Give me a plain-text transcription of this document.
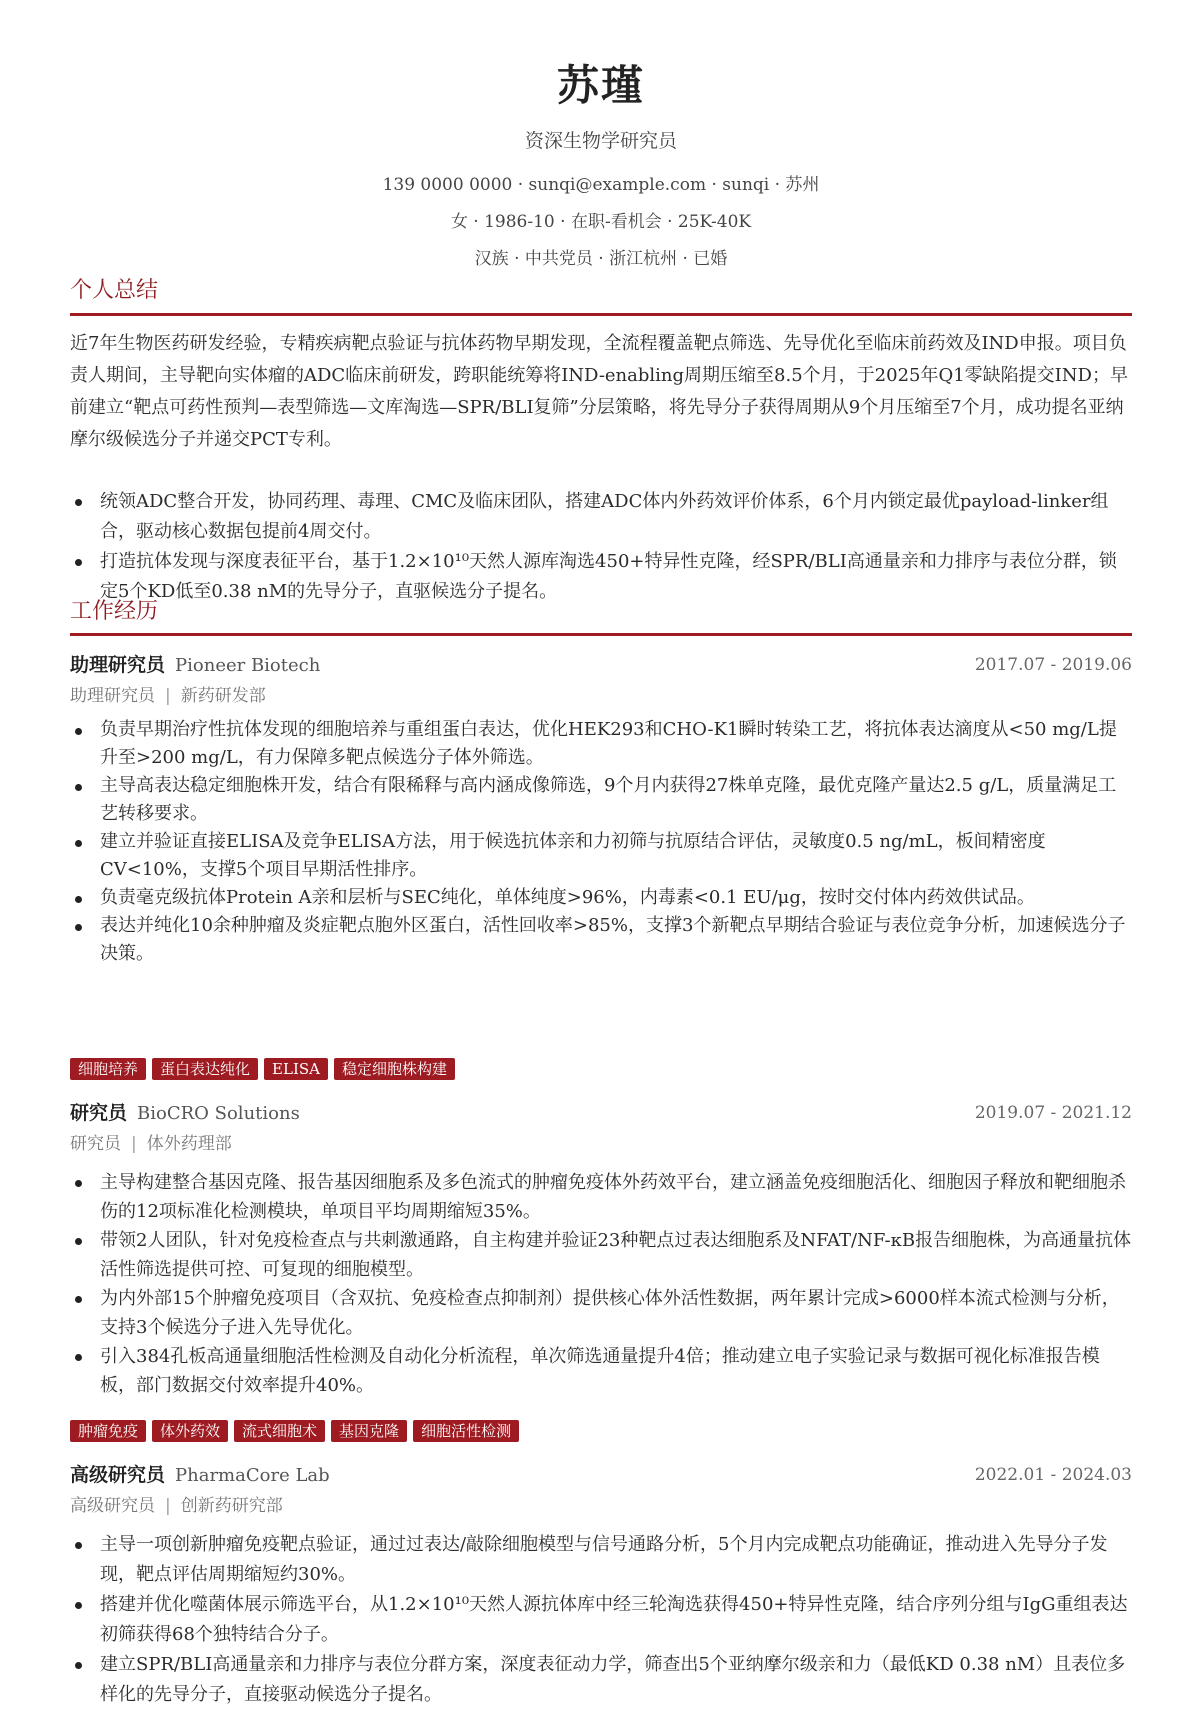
苏瑾
资深生物学研究员
139 0000 0000 · sunqi@example.com · sunqi · 苏州
女 · 1986-10 · 在职-看机会 · 25K-40K
汉族 · 中共党员 · 浙江杭州 · 已婚
个人总结
近7年生物医药研发经验，专精疾病靶点验证与抗体药物早期发现，全流程覆盖靶点筛选、先导优化至临床前药效及IND申报。项目负责人期间，主导靶向实体瘤的ADC临床前研发，跨职能统筹将IND-enabling周期压缩至8.5个月，于2025年Q1零缺陷提交IND；早前建立“靶点可药性预判—表型筛选—文库淘选—SPR/BLI复筛”分层策略，将先导分子获得周期从9个月压缩至7个月，成功提名亚纳摩尔级候选分子并递交PCT专利。
统领ADC整合开发，协同药理、毒理、CMC及临床团队，搭建ADC体内外药效评价体系，6个月内锁定最优payload-linker组合，驱动核心数据包提前4周交付。
打造抗体发现与深度表征平台，基于1.2×10¹⁰天然人源库淘选450+特异性克隆，经SPR/BLI高通量亲和力排序与表位分群，锁定5个KD低至0.38 nM的先导分子，直驱候选分子提名。
工作经历
助理研究员 Pioneer Biotech	2017.07 - 2019.06
助理研究员 | 新药研发部
负责早期治疗性抗体发现的细胞培养与重组蛋白表达，优化HEK293和CHO-K1瞬时转染工艺，将抗体表达滴度从<50 mg/L提升至>200 mg/L，有力保障多靶点候选分子体外筛选。
主导高表达稳定细胞株开发，结合有限稀释与高内涵成像筛选，9个月内获得27株单克隆，最优克隆产量达2.5 g/L，质量满足工艺转移要求。
建立并验证直接ELISA及竞争ELISA方法，用于候选抗体亲和力初筛与抗原结合评估，灵敏度0.5 ng/mL，板间精密度CV<10%，支撑5个项目早期活性排序。
负责毫克级抗体Protein A亲和层析与SEC纯化，单体纯度>96%，内毒素<0.1 EU/μg，按时交付体内药效供试品。
表达并纯化10余种肿瘤及炎症靶点胞外区蛋白，活性回收率>85%，支撑3个新靶点早期结合验证与表位竞争分析，加速候选分子决策。
细胞培养 蛋白表达纯化 ELISA 稳定细胞株构建
研究员 BioCRO Solutions	2019.07 - 2021.12
研究员 | 体外药理部
主导构建整合基因克隆、报告基因细胞系及多色流式的肿瘤免疫体外药效平台，建立涵盖免疫细胞活化、细胞因子释放和靶细胞杀伤的12项标准化检测模块，单项目平均周期缩短35%。
带领2人团队，针对免疫检查点与共刺激通路，自主构建并验证23种靶点过表达细胞系及NFAT/NF-κB报告细胞株，为高通量抗体活性筛选提供可控、可复现的细胞模型。
为内外部15个肿瘤免疫项目（含双抗、免疫检查点抑制剂）提供核心体外活性数据，两年累计完成>6000样本流式检测与分析，支持3个候选分子进入先导优化。
引入384孔板高通量细胞活性检测及自动化分析流程，单次筛选通量提升4倍；推动建立电子实验记录与数据可视化标准报告模板，部门数据交付效率提升40%。
肿瘤免疫 体外药效 流式细胞术 基因克隆 细胞活性检测
高级研究员 PharmaCore Lab	2022.01 - 2024.03
高级研究员 | 创新药研究部
主导一项创新肿瘤免疫靶点验证，通过过表达/敲除细胞模型与信号通路分析，5个月内完成靶点功能确证，推动进入先导分子发现，靶点评估周期缩短约30%。
搭建并优化噬菌体展示筛选平台，从1.2×10¹⁰天然人源抗体库中经三轮淘选获得450+特异性克隆，结合序列分组与IgG重组表达初筛获得68个独特结合分子。
建立SPR/BLI高通量亲和力排序与表位分群方案，深度表征动力学，筛查出5个亚纳摩尔级亲和力（最低KD 0.38 nM）且表位多样化的先导分子，直接驱动候选分子提名。
